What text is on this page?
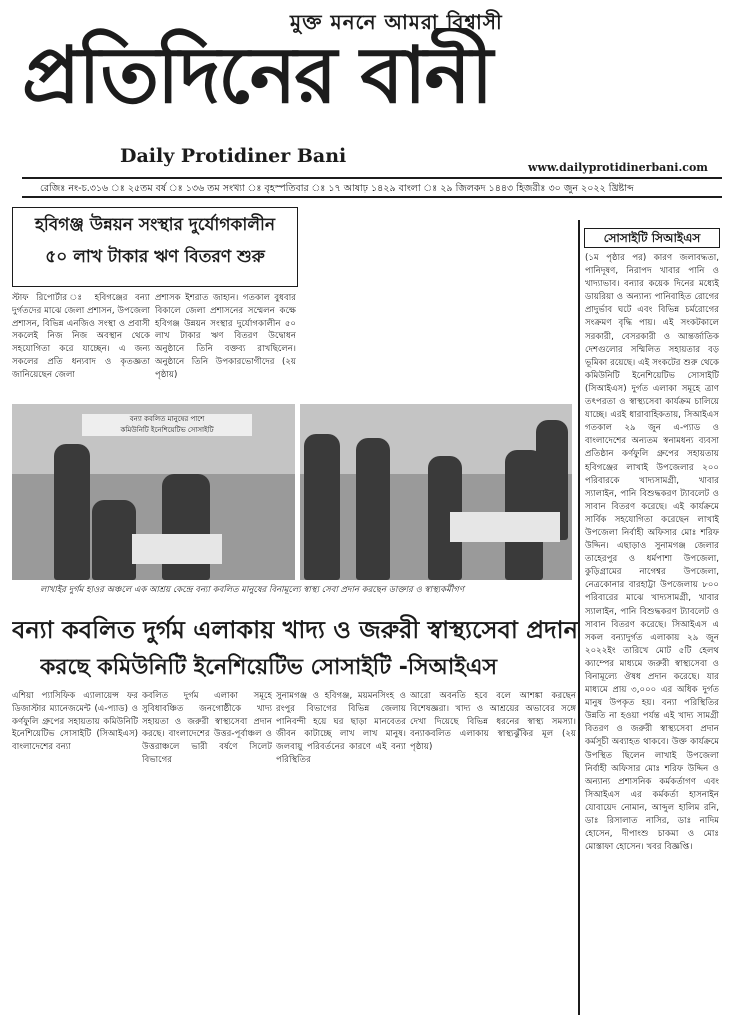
মুক্ত মননে আমরা বিশ্বাসী
প্রতিদিনের বানী
Daily Protidiner Bani
www.dailyprotidinerbani.com
রেজিঃ নং-চ.৩১৬ ঃ ২৫তম বর্ষ ঃ ১৩৬ তম সংখ্যা ঃ বৃহস্পতিবার ঃ ১৭ আষাঢ় ১৪২৯ বাংলা ঃ ২৯ জিলকদ ১৪৪৩ হিজরীঃ ৩০ জুন ২০২২ খ্রিষ্টাব্দ
হবিগঞ্জ উন্নয়ন সংস্থার দুর্যোগকালীন
৫০ লাখ টাকার ঋণ বিতরণ শুরু
স্টাফ রিপোর্টার ঃ হবিগঞ্জের বন্যা দুর্গতদের মাঝে জেলা প্রশাসন, উপজেলা প্রশাসন, বিভিন্ন এনজিও সংস্থা ও প্রবাসী সকলেই নিজ নিজ অবস্থান থেকে সহযোগিতা করে যাচ্ছেন। এ জন্য সকলের প্রতি ধন্যবাদ ও কৃতজ্ঞতা জানিয়েছেন জেলা
প্রশাসক ইশরাত জাহান। গতকাল বুধবার বিকালে জেলা প্রশাসনের সম্মেলন কক্ষে হবিগঞ্জ উন্নয়ন সংস্থার দুর্যোগকালীন ৫০ লাখ টাকার ঋণ বিতরণ উদ্বোধন অনুষ্ঠানে তিনি বক্তব্য রাখছিলেন। অনুষ্ঠানে তিনি উপকারভোগীদের (২য় পৃষ্ঠায়)
বন্যা কবলিত মানুষের পাশে
কমিউনিটি ইনেশিয়েটিভ সোসাইটি
লাখাইর দুর্গম হাওর অঞ্চলে এক আশ্রয় কেন্দ্রে বন্যা কবলিত মানুষের বিনামূল্যে স্বাস্থ্য সেবা প্রদান করছেন ডাক্তার ও স্বাস্থ্যকর্মীগণ
বন্যা কবলিত দুর্গম এলাকায় খাদ্য ও জরুরী স্বাস্থ্যসেবা প্রদান
করছে কমিউনিটি ইনেশিয়েটিভ সোসাইটি -সিআইএস
এশিয়া প্যাসিফিক এ্যালায়েন্স ফর ডিজাস্টার ম্যানেজমেন্ট (এ-প্যাড) ও কর্ণফুলি গ্রুপের সহায়তায় কমিউনিটি ইনেশিয়েটিভ সোসাইটি (সিআইএস) বাংলাদেশের বন্যা
কবলিত দুর্গম এলাকা সমূহে সুবিধাবঞ্চিত জনগোষ্ঠীকে খাদ্য সহায়তা ও জরুরী স্বাস্থ্যসেবা প্রদান করছে। বাংলাদেশের উত্তর-পূর্বাঞ্চল ও উত্তরাঞ্চলে ভারী বর্ষণে সিলেট বিভাগের
সুনামগঞ্জ ও হবিগঞ্জ, ময়মনসিংহ ও রংপুর বিভাগের বিভিন্ন জেলায় পানিবন্দী হয়ে ঘর ছাড়া মানবেতর জীবন কাটাচ্ছে লাখ লাখ মানুষ। জলবায়ু পরিবর্তনের কারণে এই বন্যা পরিস্থিতির
আরো অবনতি হবে বলে আশঙ্কা করছেন বিশেষজ্ঞরা। খাদ্য ও আশ্রয়ের অভাবের সঙ্গে দেখা দিয়েছে বিভিন্ন ধরনের স্বাস্থ্য সমস্যা। বন্যাকবলিত এলাকায় স্বাস্থ্যঝুঁকির মূল (২য় পৃষ্ঠায়)
সোসাইটি সিআইএস
(১ম পৃষ্ঠার পর) কারণ জলাবদ্ধতা, পানিদূষণ, নিরাপদ খাবার পানি ও খাদ্যাভাব। বন্যার কয়েক দিনের মধ্যেই ডায়রিয়া ও অন্যান্য পানিবাহিত রোগের প্রাদুর্ভাব ঘটে এবং বিভিন্ন চর্মরোগের সংক্রমণ বৃদ্ধি পায়। এই সংকটকালে সরকারী, বেসরকারী ও আন্তর্জাতিক দেশগুলোর সম্মিলিত সহায়তার বড় ভূমিকা রয়েছে। এই সংকটের শুরু থেকে কমিউনিটি ইনেশিয়েটিভ সোসাইটি (সিআইএস) দুর্গত এলাকা সমূহে ত্রাণ তৎপরতা ও স্বাস্থ্যসেবা কার্যক্রম চালিয়ে যাচ্ছে। এরই ধারাবাহিকতায়, সিআইএস গতকাল ২৯ জুন এ-প্যাড ও বাংলাদেশের অন্যতম স্বনামধন্য ব্যবসা প্রতিষ্ঠান কর্ণফুলি গ্রুপের সহায়তায় হবিগঞ্জের লাখাই উপজেলার ২০০ পরিবারকে খাদ্যসামগ্রী, খাবার স্যালাইন, পানি বিশুদ্ধকরণ ট্যাবলেট ও সাবান বিতরণ করেছে। এই কার্যক্রমে সার্বিক সহযোগিতা করেছেন লাখাই উপজেলা নির্বাহী অফিসার মোঃ শরিফ উদ্দিন। এছাড়াও সুনামগঞ্জ জেলার তাহেরপুর ও ধর্মপাশা উপজেলা, কুড়িগ্রামের নাগেশ্বর উপজেলা, নেত্রকোনার বারহাট্টা উপজেলায় ৮০০ পরিবারের মাঝে খাদ্যসামগ্রী, খাবার স্যালাইন, পানি বিশুদ্ধকরণ ট্যাবলেট ও সাবান বিতরণ করেছে। সিআইএস এ সকল বন্যাদুর্গত এলাকায় ২৯ জুন ২০২২ইং তারিখে মোট ৫টি হেলথ ক্যাম্পের মাধ্যমে জরুরী স্বাস্থ্যসেবা ও বিনামূল্যে ঔষধ প্রদান করেছে। যার মাধ্যমে প্রায় ৩,০০০ এর অধিক দুর্গত মানুষ উপকৃত হয়। বন্যা পরিস্থিতির উন্নতি না হওয়া পর্যন্ত এই খাদ্য সামগ্রী বিতরণ ও জরুরী স্বাস্থ্যসেবা প্রদান কর্মসূচী অব্যাহত থাকবে। উক্ত কার্যক্রমে উপস্থিত ছিলেন লাখাই উপজেলা নির্বাহী অফিসার মোঃ শরিফ উদ্দিন ও অন্যান্য প্রশাসনিক কর্মকর্তাগণ এবং সিআইএস এর কর্মকর্তা হাসনাইন যোবায়েদ নোমান, আব্দুল হালিম রনি, ডাঃ রিসালাত নাসির, ডাঃ নাদিম হোসেন, দীপাংশু চাকমা ও মোঃ মোস্তাফা হোসেন। খবর বিজ্ঞপ্তি।
